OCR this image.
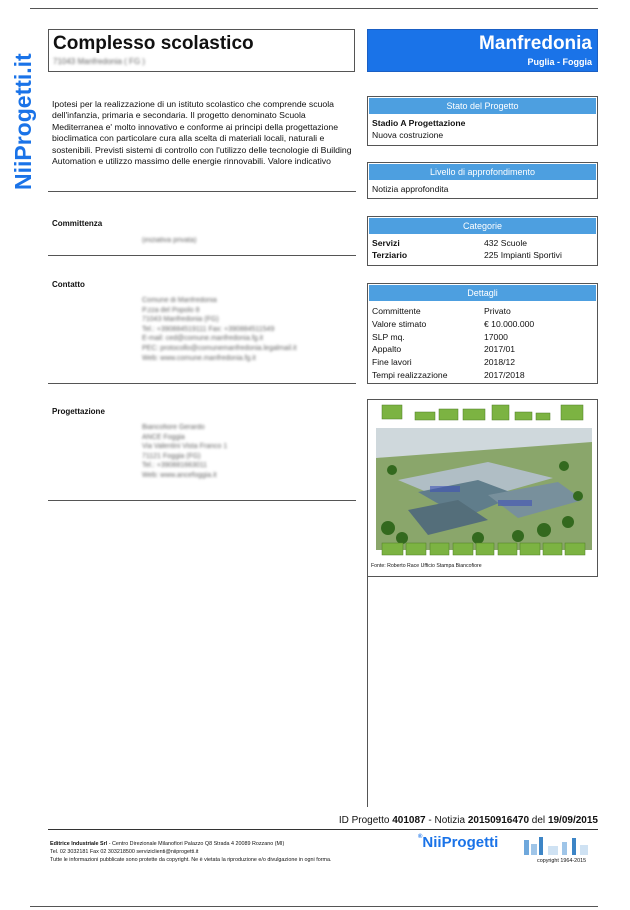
NiiProgetti.it
Complesso scolastico
71043 Manfredonia ( FG )
Manfredonia
Puglia - Foggia
Ipotesi per la realizzazione di un istituto scolastico che comprende scuola dell'infanzia, primaria e secondaria. Il progetto denominato Scuola Mediterranea e' molto innovativo e conforme ai principi della progettazione bioclimatica con particolare cura alla scelta di materiali locali, naturali e sostenibili. Previsti sistemi di controllo con l'utilizzo delle tecnologie di Building Automation e utilizzo massimo delle energie rinnovabili. Valore indicativo
Committenza
(iniziativa privata)
Contatto
Comune di Manfredonia
P.zza del Popolo 8
71043 Manfredonia (FG)
Tel.: +390884519111 Fax: +390884511549
E-mail: ced@comune.manfredonia.fg.it
PEC: protocollo@comunemanfredonia.legalmail.it
Web: www.comune.manfredonia.fg.it
Progettazione
Biancofiore Gerardo
ANCE Foggia
Via Valentini Vista Franco 1
71121 Foggia (FG)
Tel.: +390881663011
Web: www.ancefoggia.it
Stato del Progetto
Stadio A Progettazione
Nuova costruzione
Livello di approfondimento
Notizia approfondita
Categorie
Servizi	432 Scuole
Terziario	225 Impianti Sportivi
Dettagli
Committente	Privato
Valore stimato	€ 10.000.000
SLP mq.	17000
Appalto	2017/01
Fine lavori	2018/12
Tempi realizzazione	2017/2018
Fonte: Roberto Race Ufficio Stampa Biancofiore
ID Progetto 401087 - Notizia 20150916470 del 19/09/2015
Editrice Industriale Srl - Centro Direzionale Milanofiori Palazzo Q8 Strada 4 20089 Rozzano (MI)
Tel. 02 3032181 Fax 02 303218500 serviziclienti@niiprogetti.it
Tutte le informazioni pubblicate sono protette da copyright. Ne è vietata la riproduzione e/o divulgazione in ogni forma.
®NiiProgetti
copyright 1964-2015
